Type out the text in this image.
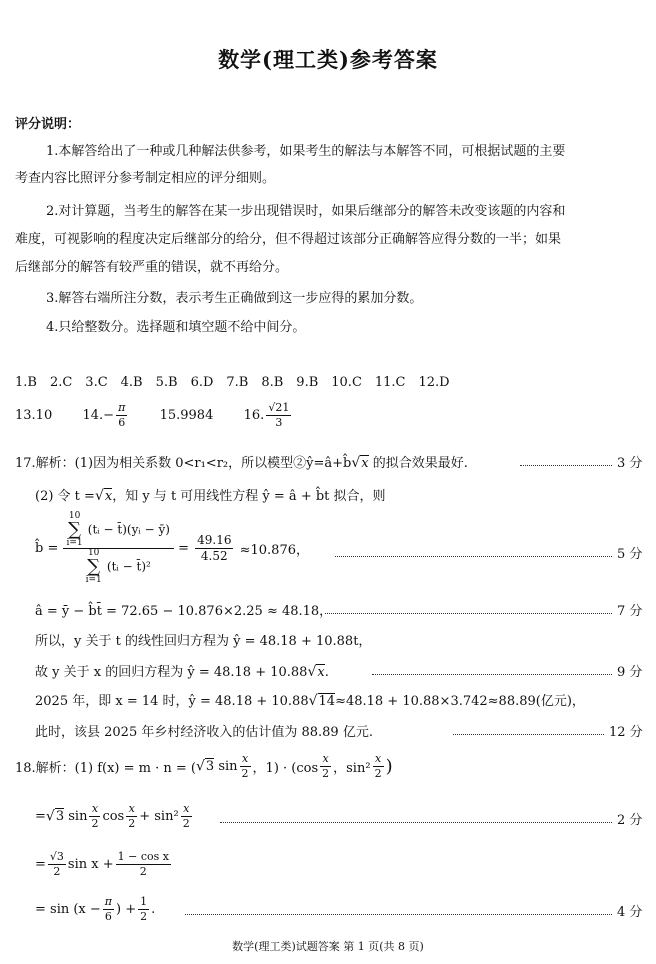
数学(理工类)参考答案
评分说明：
1.本解答给出了一种或几种解法供参考，如果考生的解法与本解答不同，可根据试题的主要
考查内容比照评分参考制定相应的评分细则。
2.对计算题，当考生的解答在某一步出现错误时，如果后继部分的解答未改变该题的内容和
难度，可视影响的程度决定后继部分的给分，但不得超过该部分正确解答应得分数的一半；如果
后继部分的解答有较严重的错误，就不再给分。
3.解答右端所注分数，表示考生正确做到这一步应得的累加分数。
4.只给整数分。选择题和填空题不给中间分。
1.B　2.C　3.C　4.B　5.B　6.D　7.B　8.B　9.B　10.C　11.C　12.D
13.10 $14.- \frac{\pi}{6} 15.9984$ 16. $\frac{√21}{3}$
17.解析：(1)因为相关系数 0<r₁<r₂，所以模型②ŷ=â+b̂√x 的拟合效果最好.	3 分
(2) 令 t =√x，知 y 与 t 可用线性方程 ŷ = â + b̂t 拟合，则
b̂ = 10
∑
i=1 (tᵢ − t̄)(yᵢ − ȳ)
10
∑
i=1 (tᵢ − t̄)² = $\frac{49.16}{4.52} \approx 10.876$，	5 分
â = ȳ − b̂t̄ = 72.65 − 10.876×2.25 ≈ 48.18，	7 分
所以，y 关于 t 的线性回归方程为 ŷ = 48.18 + 10.88t，
故 y 关于 x 的回归方程为 ŷ = 48.18 + 10.88√x.	9 分
2025 年，即 x = 14 时，ŷ = 48.18 + 10.88√14≈48.18 + 10.88×3.742≈88.89(亿元)，
此时，该县 2025 年乡村经济收入的估计值为 88.89 亿元.	12 分
18.解析：(1) f(x) = m · n = (√3 $\sin \frac{x}{2}$ ，$1) \cdot (\cos \frac{x}{2}$ ，$\sin^2 \frac{x}{2}$ )
=√3 $\sin \frac{x}{2}$ $\cos \frac{x}{2} + \sin^2 \frac{x}{2}$	2 分
= $\frac{√3}{2}$ $\sin x + \frac{\text{1 − cos x}}{2}$
= $\sin (x - \frac{\pi}{6}$ ) + $\frac{1}{2}$ .	4 分
数学(理工类)试题答案 第 1 页(共 8 页)
